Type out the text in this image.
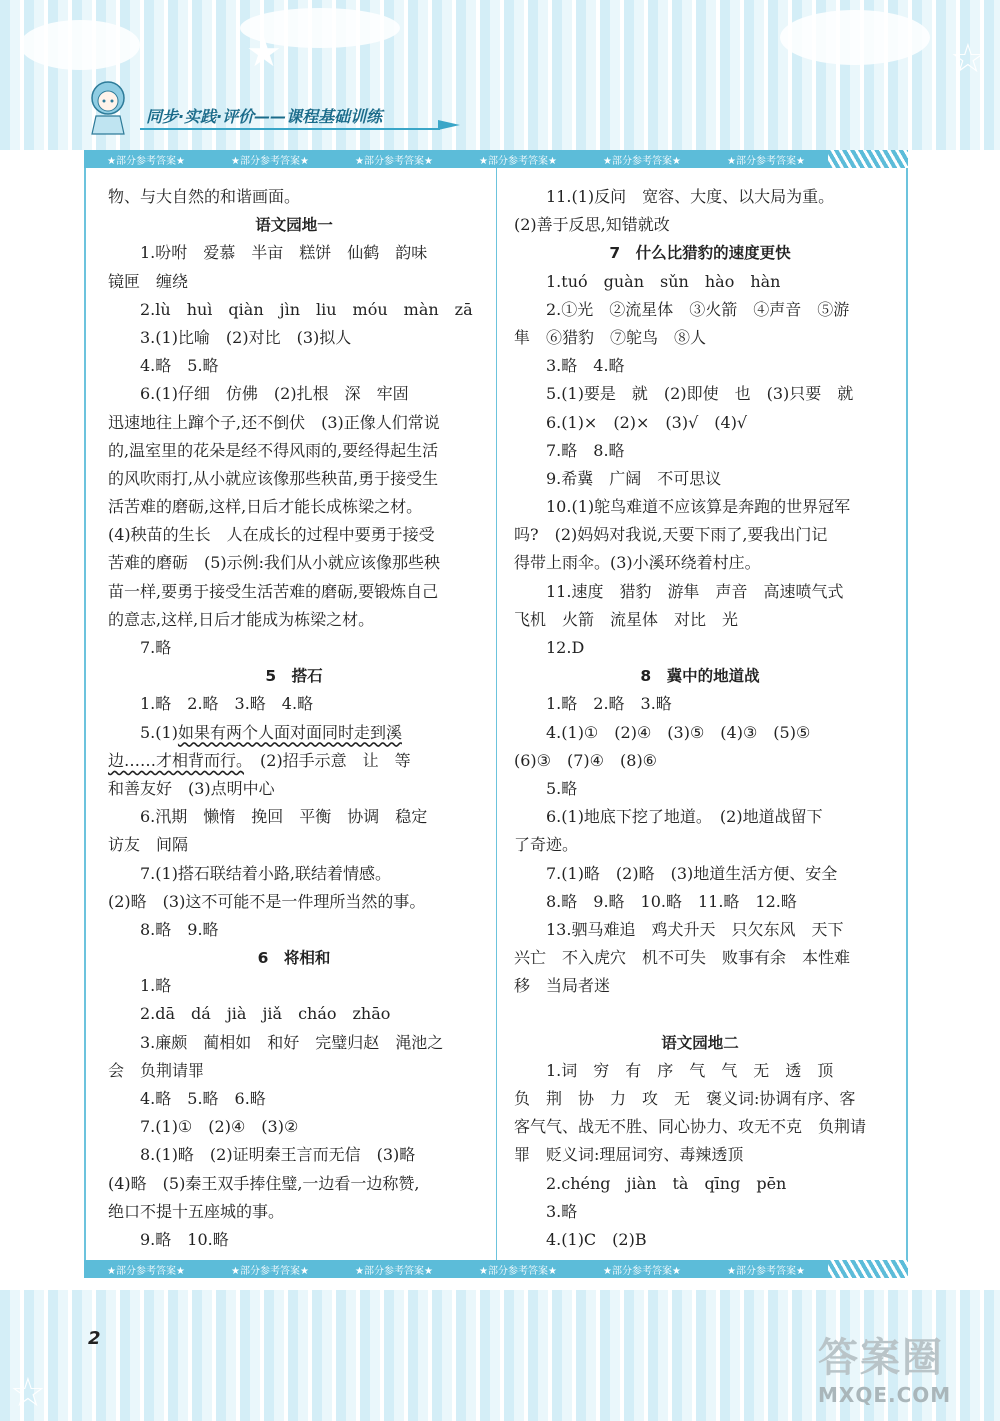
★	☆
同步·实践·评价——课程基础训练
★部分参考答案★	★部分参考答案★	★部分参考答案★	★部分参考答案★	★部分参考答案★	★部分参考答案★
物、与大自然的和谐画面。
语文园地一
1.吩咐　爱慕　半亩　糕饼　仙鹤　韵味
镜匣　缠绕
2.lù　huì　qiàn　jìn　liu　móu　màn　zā
3.(1)比喻　(2)对比　(3)拟人
4.略　5.略
6.(1)仔细　仿佛　(2)扎根　深　牢固
迅速地往上蹿个子,还不倒伏　(3)正像人们常说
的,温室里的花朵是经不得风雨的,要经得起生活
的风吹雨打,从小就应该像那些秧苗,勇于接受生
活苦难的磨砺,这样,日后才能长成栋梁之材。
(4)秧苗的生长　人在成长的过程中要勇于接受
苦难的磨砺　(5)示例:我们从小就应该像那些秧
苗一样,要勇于接受生活苦难的磨砺,要锻炼自己
的意志,这样,日后才能成为栋梁之材。
7.略
5　搭石
1.略　2.略　3.略　4.略
5.(1)如果有两个人面对面同时走到溪
边……才相背而行。　(2)招手示意　让　等
和善友好　(3)点明中心
6.汛期　懒惰　挽回　平衡　协调　稳定
访友　间隔
7.(1)搭石联结着小路,联结着情感。
(2)略　(3)这不可能不是一件理所当然的事。
8.略　9.略
6　将相和
1.略
2.dā　dá　jià　jiǎ　cháo　zhāo
3.廉颇　蔺相如　和好　完璧归赵　渑池之
会　负荆请罪
4.略　5.略　6.略
7.(1)①　(2)④　(3)②
8.(1)略　(2)证明秦王言而无信　(3)略
(4)略　(5)秦王双手捧住璧,一边看一边称赞,
绝口不提十五座城的事。
9.略　10.略
11.(1)反问　宽容、大度、以大局为重。
(2)善于反思,知错就改
7　什么比猎豹的速度更快
1.tuó　guàn　sǔn　hào　hàn
2.①光　②流星体　③火箭　④声音　⑤游
隼　⑥猎豹　⑦鸵鸟　⑧人
3.略　4.略
5.(1)要是　就　(2)即使　也　(3)只要　就
6.(1)×　(2)×　(3)√　(4)√
7.略　8.略
9.希冀　广阔　不可思议
10.(1)鸵鸟难道不应该算是奔跑的世界冠军
吗?　(2)妈妈对我说,天要下雨了,要我出门记
得带上雨伞。(3)小溪环绕着村庄。
11.速度　猎豹　游隼　声音　高速喷气式
飞机　火箭　流星体　对比　光
12.D
8　冀中的地道战
1.略　2.略　3.略
4.(1)①　(2)④　(3)⑤　(4)③　(5)⑤
(6)③　(7)④　(8)⑥
5.略
6.(1)地底下挖了地道。　(2)地道战留下
了奇迹。
7.(1)略　(2)略　(3)地道生活方便、安全
8.略　9.略　10.略　11.略　12.略
13.驷马难追　鸡犬升天　只欠东风　天下
兴亡　不入虎穴　机不可失　败事有余　本性难
移　当局者迷
语文园地二
1.词　穷　有　序　气　气　无　透　顶
负　荆　协　力　攻　无　褒义词:协调有序、客
客气气、战无不胜、同心协力、攻无不克　负荆请
罪　贬义词:理屈词穷、毒辣透顶
2.chéng　jiàn　tà　qīng　pēn
3.略
4.(1)C　(2)B
★部分参考答案★	★部分参考答案★	★部分参考答案★	★部分参考答案★	★部分参考答案★	★部分参考答案★
☆
2	答案圈
MXQE.COM
